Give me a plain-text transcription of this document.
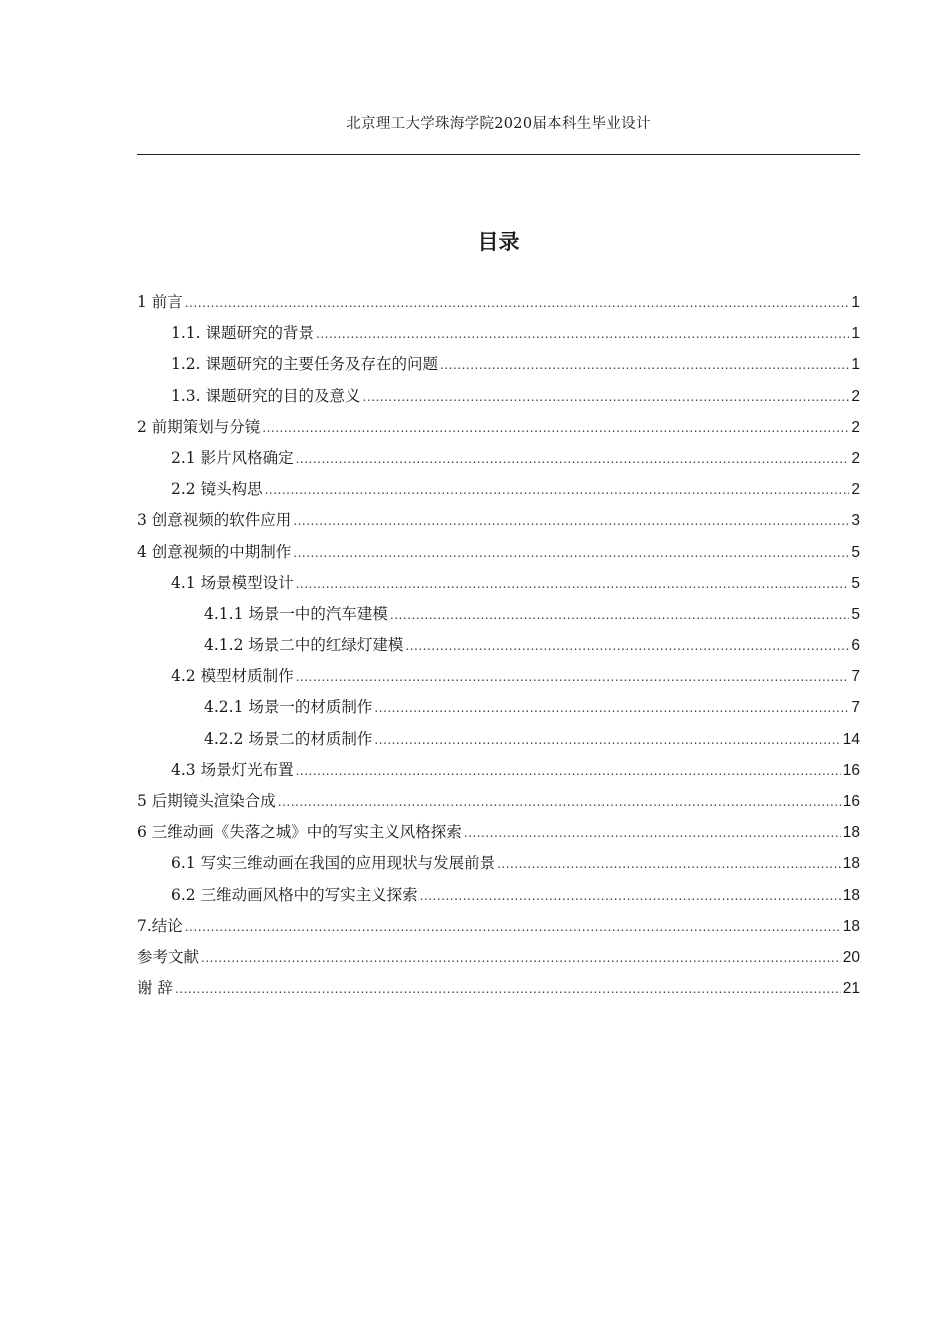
北京理工大学珠海学院2020届本科生毕业设计
目录
1 前言 .....	1
1.1. 课题研究的背景 .....	1
1.2. 课题研究的主要任务及存在的问题 .....	1
1.3. 课题研究的目的及意义 .....	2
2 前期策划与分镜 .....	2
2.1 影片风格确定 .....	2
2.2 镜头构思 .....	2
3 创意视频的软件应用 .....	3
4 创意视频的中期制作 .....	5
4.1 场景模型设计 .....	5
4.1.1 场景一中的汽车建模 .....	5
4.1.2 场景二中的红绿灯建模 .....	6
4.2 模型材质制作 .....	7
4.2.1 场景一的材质制作 .....	7
4.2.2 场景二的材质制作 .....	14
4.3 场景灯光布置 .....	16
5 后期镜头渲染合成 .....	16
6 三维动画《失落之城》中的写实主义风格探索 .....	18
6.1 写实三维动画在我国的应用现状与发展前景 .....	18
6.2 三维动画风格中的写实主义探索 .....	18
7.结论 .....	18
参考文献 .....	20
谢 辞 .....	21
